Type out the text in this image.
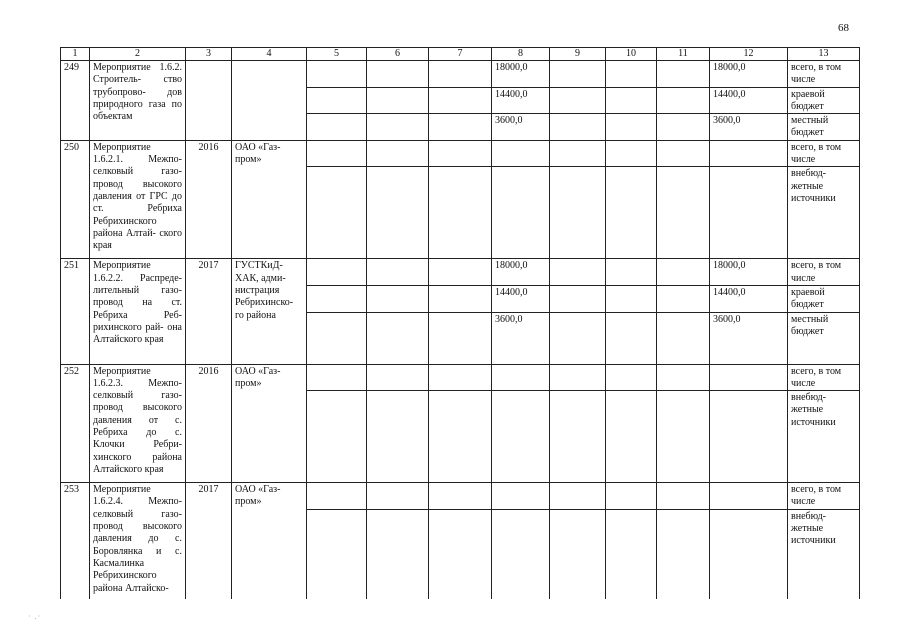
68
1	2	3	4	5	6	7	8	9	10	11	12	13
249	Мероприятие 1.6.2. Строитель- ство трубопрово- дов природного газа по объектам						18000,0				18000,0	всего, в том числе
							14400,0				14400,0	краевой бюджет
							3600,0				3600,0	местный бюджет
250	Мероприятие 1.6.2.1. Межпо- селковый газо- провод высокого давления от ГРС до ст. Ребриха Ребрихинского района Алтай- ского края	2016	ОАО «Газ- пром»									всего, в том числе
												внебюд- жетные источники
251	Мероприятие 1.6.2.2. Распреде- лительный газо- провод на ст. Ребриха Реб- рихинского рай- она Алтайского края	2017	ГУСТКиД- ХАК, адми- нистрация Ребрихинско- го района				18000,0				18000,0	всего, в том числе
							14400,0				14400,0	краевой бюджет
							3600,0				3600,0	местный бюджет
252	Мероприятие 1.6.2.3. Межпо- селковый газо- провод высокого давления от с. Ребриха до с. Клочки Ребри- хинского района Алтайского края	2016	ОАО «Газ- пром»									всего, в том числе
												внебюд- жетные источники
253	Мероприятие 1.6.2.4. Межпо- селковый газо- провод высокого давления до с. Боровлянка и с. Касмалинка Ребрихинского района Алтайско-	2017	ОАО «Газ- пром»									всего, в том числе
												внебюд- жетные источники
· .·
